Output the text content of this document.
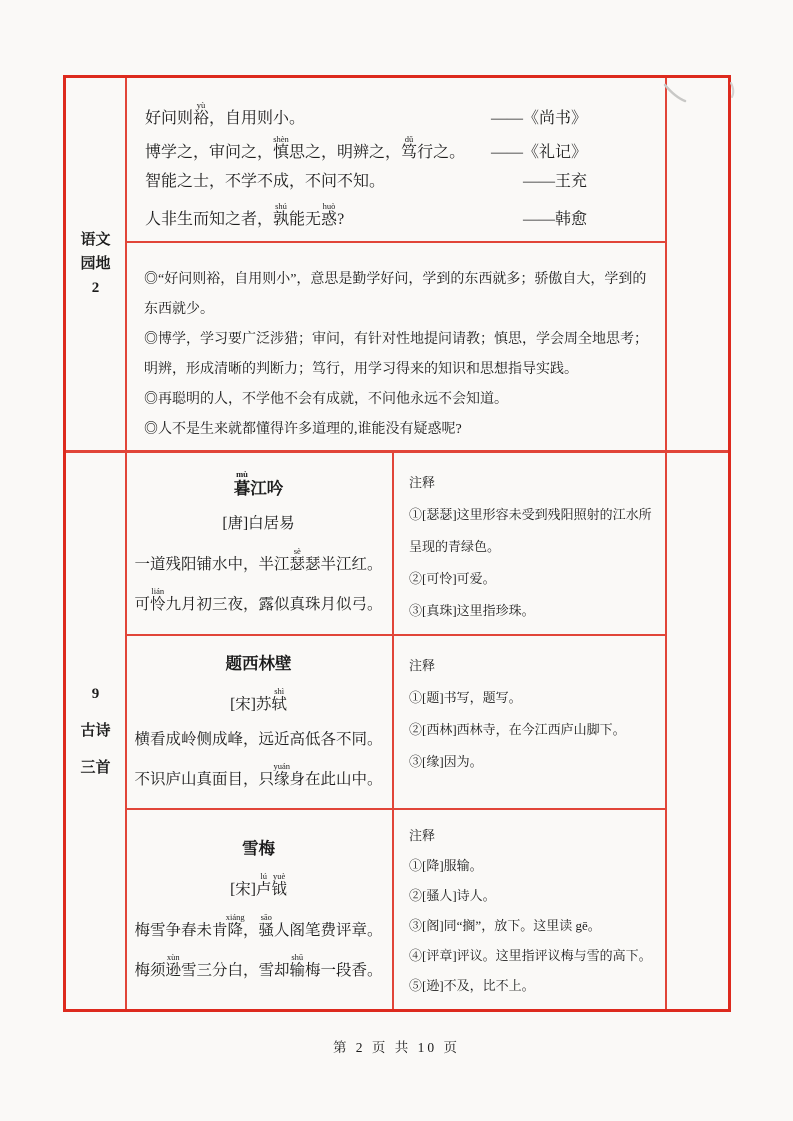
语文
园地
2
好问则裕yù，自用则小。	——《尚书》
博学之，审问之，慎shèn思之，明辨之，笃dǔ行之。 ——《礼记》
智能之士，不学不成，不问不知。	——王充
人非生而知之者，孰shú能无惑huò?	——韩愈

◎“好问则裕，自用则小”，意思是勤学好问，学到的东西就多；骄傲自大，学到的东西就少。

◎博学，学习要广泛涉猎；审问，有针对性地提问请教；慎思，学会周全地思考；明辨，形成清晰的判断力；笃行，用学习得来的知识和思想指导实践。

◎再聪明的人，不学他不会有成就，不问他永远不会知道。

◎人不是生来就都懂得许多道理的,谁能没有疑惑呢?

9
古诗
三首
暮mù江吟
[唐]白居易
一道残阳铺水中，半江瑟sè瑟半江红。
可怜lián九月初三夜，露似真珠月似弓。
注释

①[瑟瑟]这里形容未受到残阳照射的江水所呈现的青绿色。

②[可怜]可爱。

③[真珠]这里指珍珠。

题西林壁
[宋]苏轼shì
横看成岭侧成峰，远近高低各不同。
不识庐山真面目，只缘yuán身在此山中。
注释

①[题]书写，题写。

②[西林]西林寺，在今江西庐山脚下。

③[缘]因为。

雪梅
[宋]卢lú钺yuè
梅雪争春未肯降xiáng，骚sāo人阁笔费评章。
梅须逊xùn雪三分白，雪却输shū梅一段香。
注释

①[降]服输。

②[骚人]诗人。

③[阁]同“搁”，放下。这里读 gē。

④[评章]评议。这里指评议梅与雪的高下。

⑤[逊]不及，比不上。

第 2 页 共 10 页
